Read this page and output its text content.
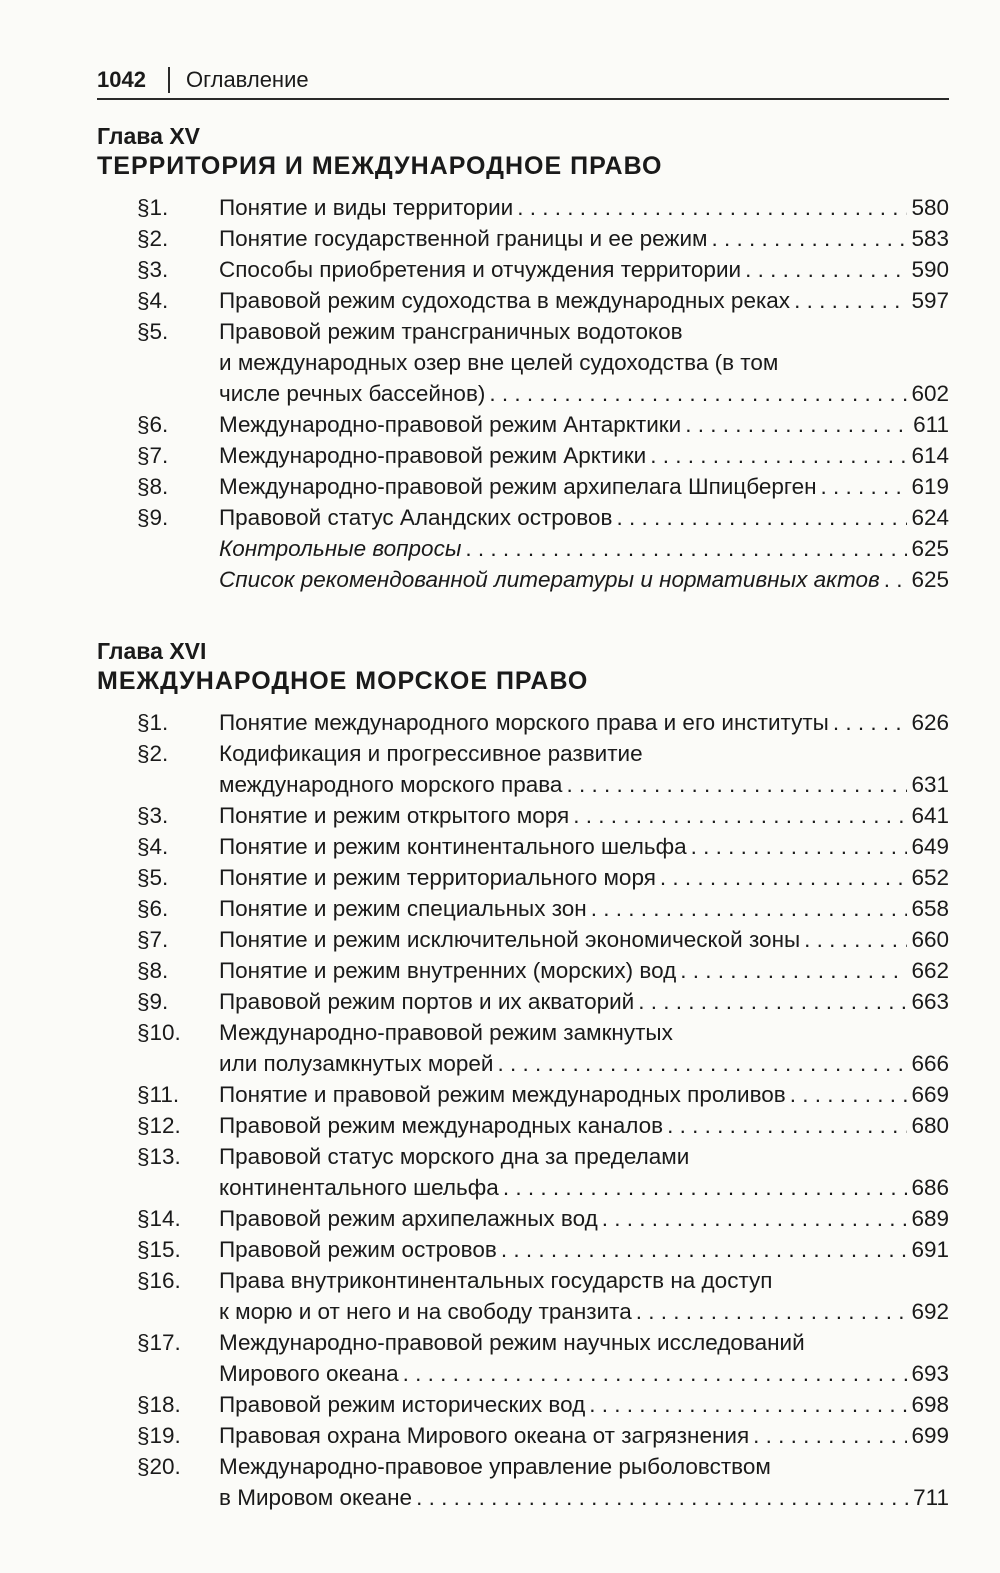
1042 Оглавление
Глава XV
ТЕРРИТОРИЯ И МЕЖДУНАРОДНОЕ ПРАВО
§1.	Понятие и виды территории . . .	580
§2.	Понятие государственной границы и ее режим . . .	583
§3.	Способы приобретения и отчуждения территории . . .	590
§4.	Правовой режим судоходства в международных реках . . .	597
§5.	Правовой режим трансграничных водотоков
и международных озер вне целей судоходства (в том
числе речных бассейнов) . . .	602
§6.	Международно-правовой режим Антарктики . . .	611
§7.	Международно-правовой режим Арктики . . .	614
§8.	Международно-правовой режим архипелага Шпицберген . . .	619
§9.	Правовой статус Аландских островов . . .	624
Контрольные вопросы . . .	625
Список рекомендованной литературы и нормативных актов . . . 625
Глава XVI
МЕЖДУНАРОДНОЕ МОРСКОЕ ПРАВО
§1.	Понятие международного морского права и его институты . . .	626
§2.	Кодификация и прогрессивное развитие
международного морского права . . .	631
§3.	Понятие и режим открытого моря . . .	641
§4.	Понятие и режим континентального шельфа . . .	649
§5.	Понятие и режим территориального моря . . .	652
§6.	Понятие и режим специальных зон . . .	658
§7.	Понятие и режим исключительной экономической зоны . . .	660
§8.	Понятие и режим внутренних (морских) вод . . .	662
§9.	Правовой режим портов и их акваторий . . .	663
§10.	Международно-правовой режим замкнутых
или полузамкнутых морей . . .	666
§11.	Понятие и правовой режим международных проливов . . .	669
§12.	Правовой режим международных каналов . . .	680
§13.	Правовой статус морского дна за пределами
континентального шельфа . . .	686
§14.	Правовой режим архипелажных вод . . .	689
§15.	Правовой режим островов . . .	691
§16.	Права внутриконтинентальных государств на доступ
к морю и от него и на свободу транзита . . .	692
§17.	Международно-правовой режим научных исследований
Мирового океана . . .	693
§18.	Правовой режим исторических вод . . .	698
§19.	Правовая охрана Мирового океана от загрязнения . . .	699
§20.	Международно-правовое управление рыболовством
в Мировом океане . . .	711
